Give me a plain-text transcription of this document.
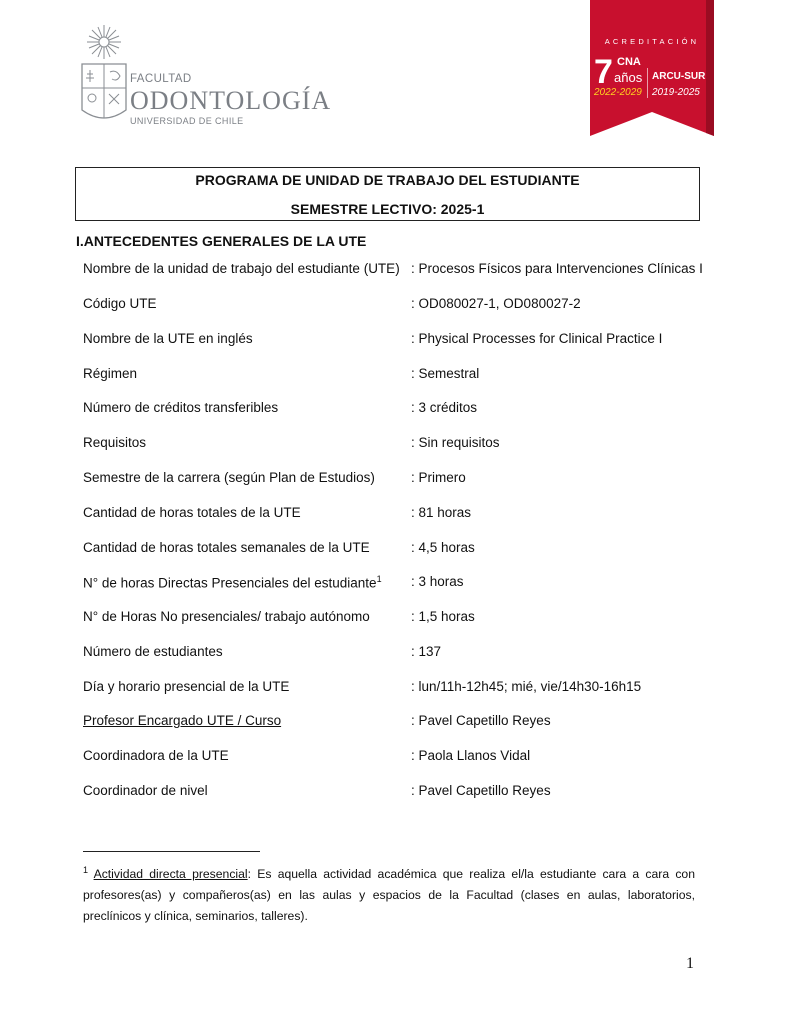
FACULTAD
ODONTOLOGÍA
UNIVERSIDAD DE CHILE
ACREDITACIÓN
7 CNA
años
2022-2029
ARCU-SUR
2019-2025
PROGRAMA DE UNIDAD DE TRABAJO DEL ESTUDIANTE
SEMESTRE LECTIVO: 2025-1
I.ANTECEDENTES GENERALES DE LA UTE
Nombre de la unidad de trabajo del estudiante (UTE) : Procesos Físicos para Intervenciones Clínicas I
Código UTE	: OD080027-1, OD080027-2
Nombre de la UTE en inglés	: Physical Processes for Clinical Practice I
Régimen	: Semestral
Número de créditos transferibles	: 3 créditos
Requisitos	: Sin requisitos
Semestre de la carrera (según Plan de Estudios)	: Primero
Cantidad de horas totales de la UTE	: 81 horas
Cantidad de horas totales semanales de la UTE	: 4,5 horas
N° de horas Directas Presenciales del estudiante$^1$ : 3 horas
N° de Horas No presenciales/ trabajo autónomo	: 1,5 horas
Número de estudiantes	: 137
Día y horario presencial de la UTE	: lun/11h-12h45; mié, vie/14h30-16h15
Profesor Encargado UTE / Curso	: Pavel Capetillo Reyes
Coordinadora de la UTE	: Paola Llanos Vidal
Coordinador de nivel	: Pavel Capetillo Reyes
$^1$ Actividad directa presencial: Es aquella actividad académica que realiza el/la estudiante cara a cara con profesores(as) y compañeros(as) en las aulas y espacios de la Facultad (clases en aulas, laboratorios, preclínicos y clínica, seminarios, talleres).
1
